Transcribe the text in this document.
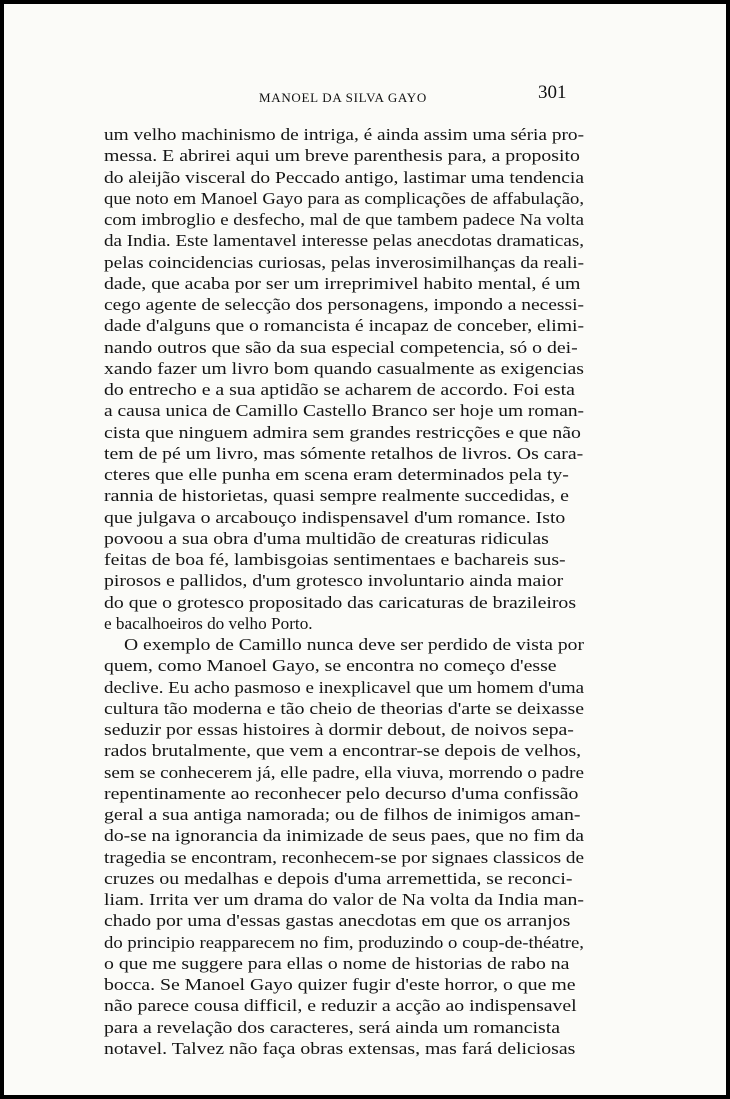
MANOEL DA SILVA GAYO	301
um velho machinismo de intriga, é ainda assim uma séria pro-
messa. E abrirei aqui um breve parenthesis para, a proposito
do aleijão visceral do Peccado antigo, lastimar uma tendencia
que noto em Manoel Gayo para as complicações de affabulação,
com imbroglio e desfecho, mal de que tambem padece Na volta
da India. Este lamentavel interesse pelas anecdotas dramaticas,
pelas coincidencias curiosas, pelas inverosimilhanças da reali-
dade, que acaba por ser um irreprimivel habito mental, é um
cego agente de selecção dos personagens, impondo a necessi-
dade d'alguns que o romancista é incapaz de conceber, elimi-
nando outros que são da sua especial competencia, só o dei-
xando fazer um livro bom quando casualmente as exigencias
do entrecho e a sua aptidão se acharem de accordo. Foi esta
a causa unica de Camillo Castello Branco ser hoje um roman-
cista que ninguem admira sem grandes restricções e que não
tem de pé um livro, mas sómente retalhos de livros. Os cara-
cteres que elle punha em scena eram determinados pela ty-
rannia de historietas, quasi sempre realmente succedidas, e
que julgava o arcabouço indispensavel d'um romance. Isto
povoou a sua obra d'uma multidão de creaturas ridiculas
feitas de boa fé, lambisgoias sentimentaes e bachareis sus-
pirosos e pallidos, d'um grotesco involuntario ainda maior
do que o grotesco propositado das caricaturas de brazileiros
e bacalhoeiros do velho Porto.
O exemplo de Camillo nunca deve ser perdido de vista por
quem, como Manoel Gayo, se encontra no começo d'esse
declive. Eu acho pasmoso e inexplicavel que um homem d'uma
cultura tão moderna e tão cheio de theorias d'arte se deixasse
seduzir por essas histoires à dormir debout, de noivos sepa-
rados brutalmente, que vem a encontrar-se depois de velhos,
sem se conhecerem já, elle padre, ella viuva, morrendo o padre
repentinamente ao reconhecer pelo decurso d'uma confissão
geral a sua antiga namorada; ou de filhos de inimigos aman-
do-se na ignorancia da inimizade de seus paes, que no fim da
tragedia se encontram, reconhecem-se por signaes classicos de
cruzes ou medalhas e depois d'uma arremettida, se reconci-
liam. Irrita ver um drama do valor de Na volta da India man-
chado por uma d'essas gastas anecdotas em que os arranjos
do principio reapparecem no fim, produzindo o coup-de-théatre,
o que me suggere para ellas o nome de historias de rabo na
bocca. Se Manoel Gayo quizer fugir d'este horror, o que me
não parece cousa difficil, e reduzir a acção ao indispensavel
para a revelação dos caracteres, será ainda um romancista
notavel. Talvez não faça obras extensas, mas fará deliciosas
